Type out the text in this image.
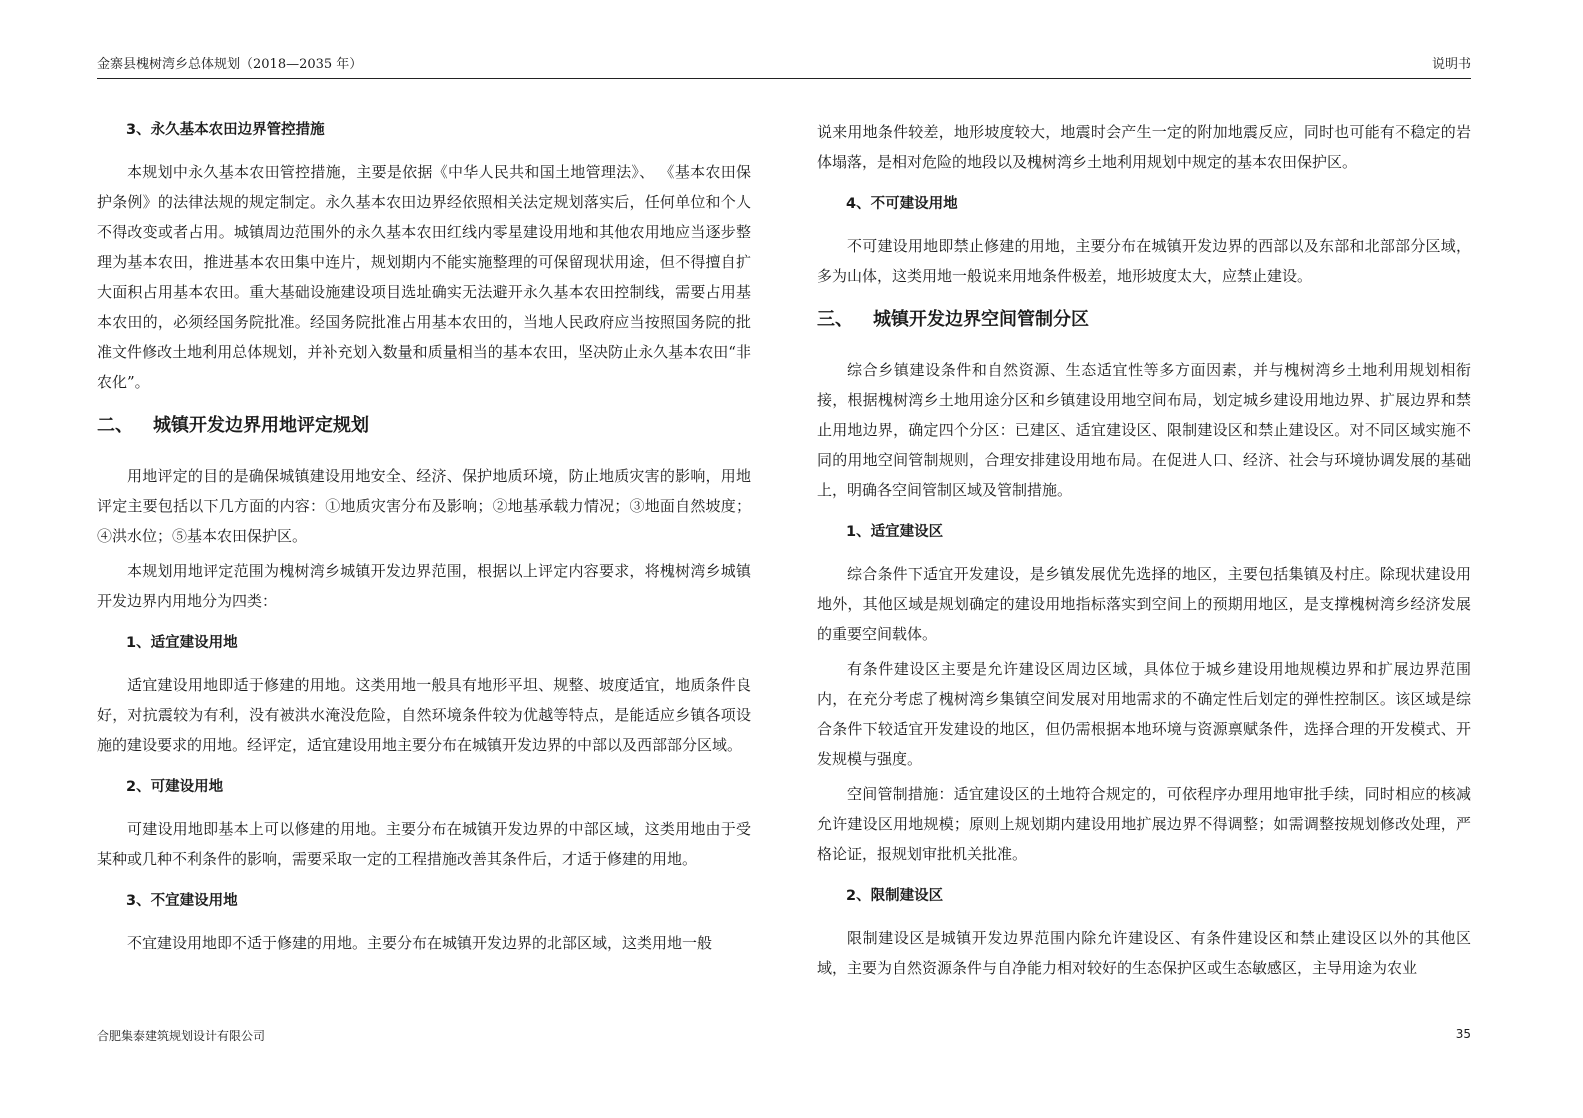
金寨县槐树湾乡总体规划（2018—2035 年）	说明书
3、永久基本农田边界管控措施

本规划中永久基本农田管控措施，主要是依据《中华人民共和国土地管理法》、 《基本农田保护条例》的法律法规的规定制定。永久基本农田边界经依照相关法定规划落实后，任何单位和个人不得改变或者占用。城镇周边范围外的永久基本农田红线内零星建设用地和其他农用地应当逐步整理为基本农田，推进基本农田集中连片，规划期内不能实施整理的可保留现状用途，但不得擅自扩大面积占用基本农田。重大基础设施建设项目选址确实无法避开永久基本农田控制线，需要占用基本农田的，必须经国务院批准。经国务院批准占用基本农田的，当地人民政府应当按照国务院的批准文件修改土地利用总体规划，并补充划入数量和质量相当的基本农田，坚决防止永久基本农田“非农化”。

二、 城镇开发边界用地评定规划

用地评定的目的是确保城镇建设用地安全、经济、保护地质环境，防止地质灾害的影响，用地评定主要包括以下几方面的内容：①地质灾害分布及影响；②地基承载力情况；③地面自然坡度；④洪水位；⑤基本农田保护区。

本规划用地评定范围为槐树湾乡城镇开发边界范围，根据以上评定内容要求，将槐树湾乡城镇开发边界内用地分为四类：

1、适宜建设用地

适宜建设用地即适于修建的用地。这类用地一般具有地形平坦、规整、坡度适宜，地质条件良好，对抗震较为有利，没有被洪水淹没危险，自然环境条件较为优越等特点，是能适应乡镇各项设施的建设要求的用地。经评定，适宜建设用地主要分布在城镇开发边界的中部以及西部部分区域。

2、可建设用地

可建设用地即基本上可以修建的用地。主要分布在城镇开发边界的中部区域，这类用地由于受某种或几种不利条件的影响，需要采取一定的工程措施改善其条件后，才适于修建的用地。

3、不宜建设用地

不宜建设用地即不适于修建的用地。主要分布在城镇开发边界的北部区域，这类用地一般

说来用地条件较差，地形坡度较大，地震时会产生一定的附加地震反应，同时也可能有不稳定的岩体塌落，是相对危险的地段以及槐树湾乡土地利用规划中规定的基本农田保护区。

4、不可建设用地

不可建设用地即禁止修建的用地，主要分布在城镇开发边界的西部以及东部和北部部分区域，多为山体，这类用地一般说来用地条件极差，地形坡度太大，应禁止建设。

三、 城镇开发边界空间管制分区

综合乡镇建设条件和自然资源、生态适宜性等多方面因素，并与槐树湾乡土地利用规划相衔接，根据槐树湾乡土地用途分区和乡镇建设用地空间布局，划定城乡建设用地边界、扩展边界和禁止用地边界，确定四个分区：已建区、适宜建设区、限制建设区和禁止建设区。对不同区域实施不同的用地空间管制规则，合理安排建设用地布局。在促进人口、经济、社会与环境协调发展的基础上，明确各空间管制区域及管制措施。

1、适宜建设区

综合条件下适宜开发建设，是乡镇发展优先选择的地区，主要包括集镇及村庄。除现状建设用地外，其他区域是规划确定的建设用地指标落实到空间上的预期用地区，是支撑槐树湾乡经济发展的重要空间载体。

有条件建设区主要是允许建设区周边区域，具体位于城乡建设用地规模边界和扩展边界范围内，在充分考虑了槐树湾乡集镇空间发展对用地需求的不确定性后划定的弹性控制区。该区域是综合条件下较适宜开发建设的地区，但仍需根据本地环境与资源禀赋条件，选择合理的开发模式、开发规模与强度。

空间管制措施：适宜建设区的土地符合规定的，可依程序办理用地审批手续，同时相应的核减允许建设区用地规模；原则上规划期内建设用地扩展边界不得调整；如需调整按规划修改处理，严格论证，报规划审批机关批准。

2、限制建设区

限制建设区是城镇开发边界范围内除允许建设区、有条件建设区和禁止建设区以外的其他区域，主要为自然资源条件与自净能力相对较好的生态保护区或生态敏感区，主导用途为农业

合肥集泰建筑规划设计有限公司	35
